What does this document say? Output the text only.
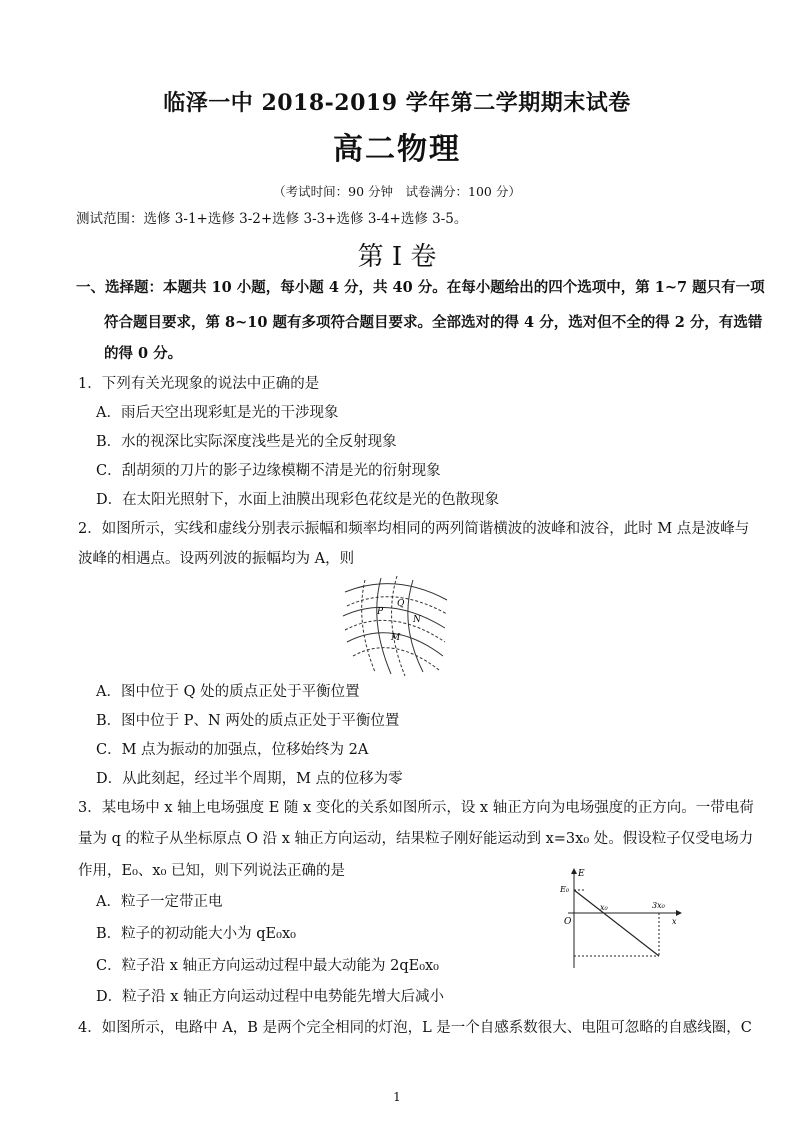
临泽一中 2018-2019 学年第二学期期末试卷
高二物理
（考试时间：90 分钟　试卷满分：100 分）
测试范围：选修 3-1+选修 3-2+选修 3-3+选修 3-4+选修 3-5。
第 Ⅰ 卷
一、选择题：本题共 10 小题，每小题 4 分，共 40 分。在每小题给出的四个选项中，第 1~7 题只有一项
符合题目要求，第 8~10 题有多项符合题目要求。全部选对的得 4 分，选对但不全的得 2 分，有选错
的得 0 分。
1．下列有关光现象的说法中正确的是
A．雨后天空出现彩虹是光的干涉现象
B．水的视深比实际深度浅些是光的全反射现象
C．刮胡须的刀片的影子边缘模糊不清是光的衍射现象
D．在太阳光照射下，水面上油膜出现彩色花纹是光的色散现象
2．如图所示，实线和虚线分别表示振幅和频率均相同的两列简谐横波的波峰和波谷，此时 M 点是波峰与
波峰的相遇点。设两列波的振幅均为 A，则
P
Q
N
M
A．图中位于 Q 处的质点正处于平衡位置
B．图中位于 P、N 两处的质点正处于平衡位置
C．M 点为振动的加强点，位移始终为 2A
D．从此刻起，经过半个周期，M 点的位移为零
3．某电场中 x 轴上电场强度 E 随 x 变化的关系如图所示，设 x 轴正方向为电场强度的正方向。一带电荷
量为 q 的粒子从坐标原点 O 沿 x 轴正方向运动，结果粒子刚好能运动到 x=3x₀ 处。假设粒子仅受电场力
作用，E₀、x₀ 已知，则下列说法正确的是	E
E₀
O
x₀	3x₀
x
A．粒子一定带正电
B．粒子的初动能大小为 qE₀x₀
C．粒子沿 x 轴正方向运动过程中最大动能为 2qE₀x₀
D．粒子沿 x 轴正方向运动过程中电势能先增大后减小
4．如图所示，电路中 A，B 是两个完全相同的灯泡，L 是一个自感系数很大、电阻可忽略的自感线圈，C
1
